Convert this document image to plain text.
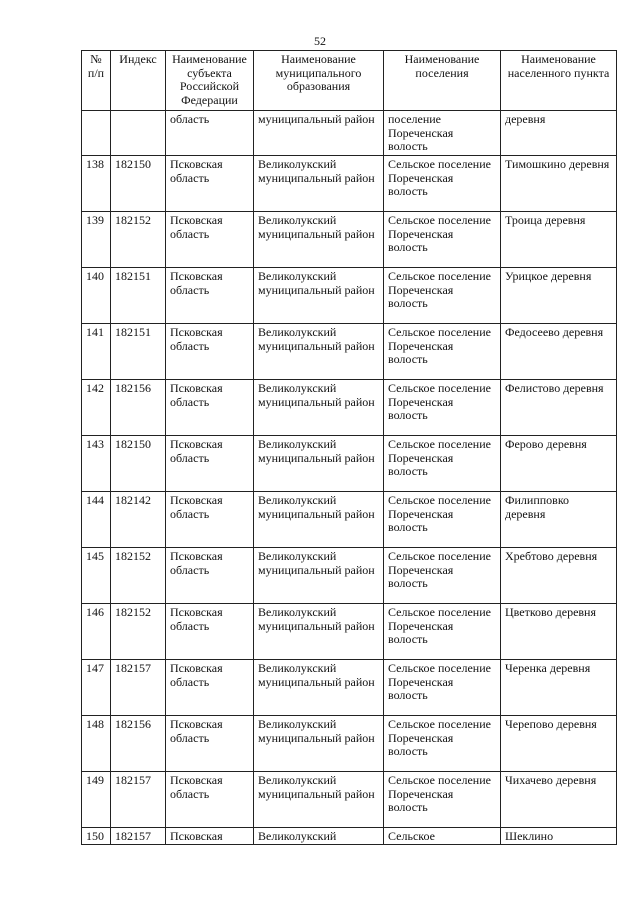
52
№ п/п	Индекс	Наименование субъекта Российской Федерации	Наименование муниципального образования	Наименование поселения	Наименование населенного пункта
		область	муниципальный район	поселение Пореченская волость	деревня
138	182150	Псковская область	Великолукский муниципальный район	Сельское поселение Пореченская волость	Тимошкино деревня
139	182152	Псковская область	Великолукский муниципальный район	Сельское поселение Пореченская волость	Троица деревня
140	182151	Псковская область	Великолукский муниципальный район	Сельское поселение Пореченская волость	Урицкое деревня
141	182151	Псковская область	Великолукский муниципальный район	Сельское поселение Пореченская волость	Федосеево деревня
142	182156	Псковская область	Великолукский муниципальный район	Сельское поселение Пореченская волость	Фелистово деревня
143	182150	Псковская область	Великолукский муниципальный район	Сельское поселение Пореченская волость	Ферово деревня
144	182142	Псковская область	Великолукский муниципальный район	Сельское поселение Пореченская волость	Филипповко деревня
145	182152	Псковская область	Великолукский муниципальный район	Сельское поселение Пореченская волость	Хребтово деревня
146	182152	Псковская область	Великолукский муниципальный район	Сельское поселение Пореченская волость	Цветково деревня
147	182157	Псковская область	Великолукский муниципальный район	Сельское поселение Пореченская волость	Черенка деревня
148	182156	Псковская область	Великолукский муниципальный район	Сельское поселение Пореченская волость	Черепово деревня
149	182157	Псковская область	Великолукский муниципальный район	Сельское поселение Пореченская волость	Чихачево деревня
150	182157	Псковская	Великолукский	Сельское	Шеклино
